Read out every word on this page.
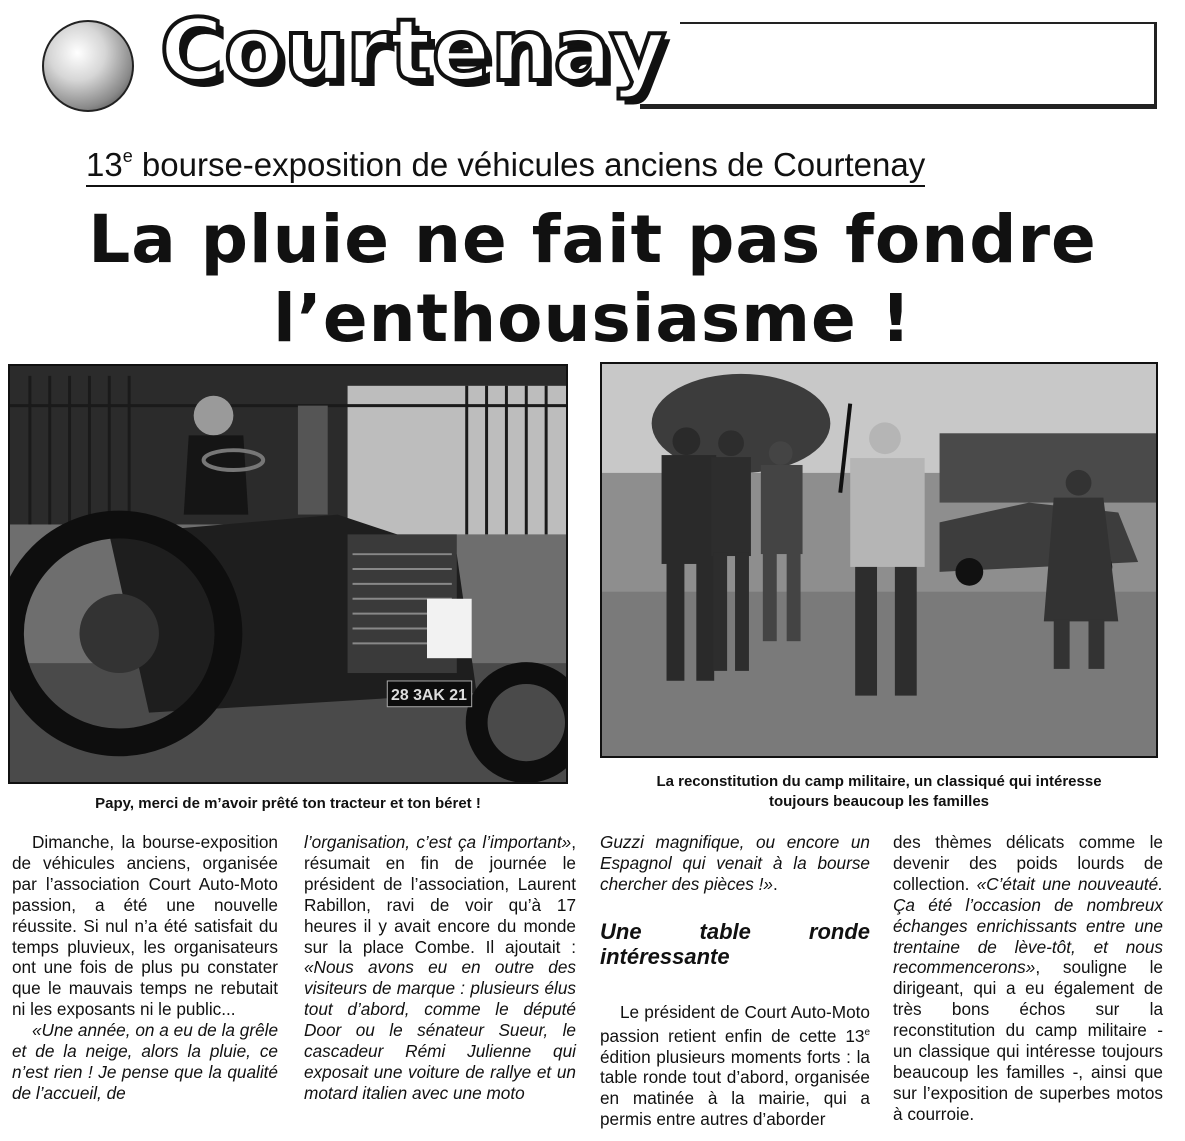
Courtenay
13e bourse-exposition de véhicules anciens de Courtenay
La pluie ne fait pas fondre
l’enthousiasme !
28 3AK 21
Papy, merci de m’avoir prêté ton tracteur et ton béret !
La reconstitution du camp militaire, un classiqué qui intéresse
toujours beaucoup les familles

Dimanche, la bourse-exposition de véhicules anciens, organisée par l’association Court Auto-Moto passion, a été une nouvelle réussite. Si nul n’a été satisfait du temps pluvieux, les organisateurs ont une fois de plus pu constater que le mauvais temps ne rebutait ni les exposants ni le public...

«Une année, on a eu de la grêle et de la neige, alors la pluie, ce n’est rien ! Je pense que la qualité de l’accueil, de

l’organisation, c’est ça l’important», résumait en fin de journée le président de l’association, Laurent Rabillon, ravi de voir qu’à 17 heures il y avait encore du monde sur la place Combe. Il ajoutait : «Nous avons eu en outre des visiteurs de marque : plusieurs élus tout d’abord, comme le député Door ou le sénateur Sueur, le cascadeur Rémi Julienne qui exposait une voiture de rallye et un motard italien avec une moto

Guzzi magnifique, ou encore un Espagnol qui venait à la bourse chercher des pièces !».

Une table ronde intéressante

Le président de Court Auto-Moto passion retient enfin de cette 13e édition plusieurs moments forts : la table ronde tout d’abord, organisée en matinée à la mairie, qui a permis entre autres d’aborder

des thèmes délicats comme le devenir des poids lourds de collection. «C’était une nouveauté. Ça été l’occasion de nombreux échanges enrichissants entre une trentaine de lève-tôt, et nous recommencerons», souligne le dirigeant, qui a eu également de très bons échos sur la reconstitution du camp militaire - un classique qui intéresse toujours beaucoup les familles -, ainsi que sur l’exposition de superbes motos à courroie.
